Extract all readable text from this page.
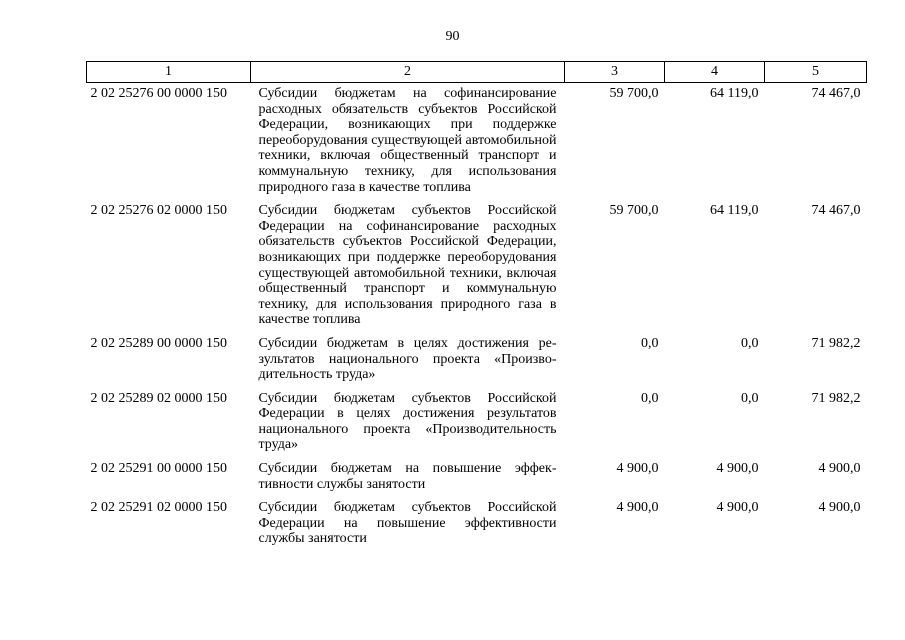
90
1	2	3	4	5
2 02 25276 00 0000 150	Субсидии бюджетам на софинансирование расходных обязательств субъектов Российской Федерации, возникающих при поддержке переоборудования существующей автомобильной техники, включая общественный транспорт и коммунальную технику, для использования природного газа в качестве топлива	59 700,0	64 119,0	74 467,0
2 02 25276 02 0000 150	Субсидии бюджетам субъектов Российской Федерации на софинансирование расходных обязательств субъектов Российской Федерации, возникающих при поддержке переоборудования существующей автомобильной техники, включая общественный транспорт и коммунальную технику, для использования природного газа в качестве топлива	59 700,0	64 119,0	74 467,0
2 02 25289 00 0000 150	Субсидии бюджетам в целях достижения результатов национального проекта «Производительность труда»	0,0	0,0	71 982,2
2 02 25289 02 0000 150	Субсидии бюджетам субъектов Российской Федерации в целях достижения результатов национального проекта «Производительность труда»	0,0	0,0	71 982,2
2 02 25291 00 0000 150	Субсидии бюджетам на повышение эффективности службы занятости	4 900,0	4 900,0	4 900,0
2 02 25291 02 0000 150	Субсидии бюджетам субъектов Российской Федерации на повышение эффективности службы занятости	4 900,0	4 900,0	4 900,0
